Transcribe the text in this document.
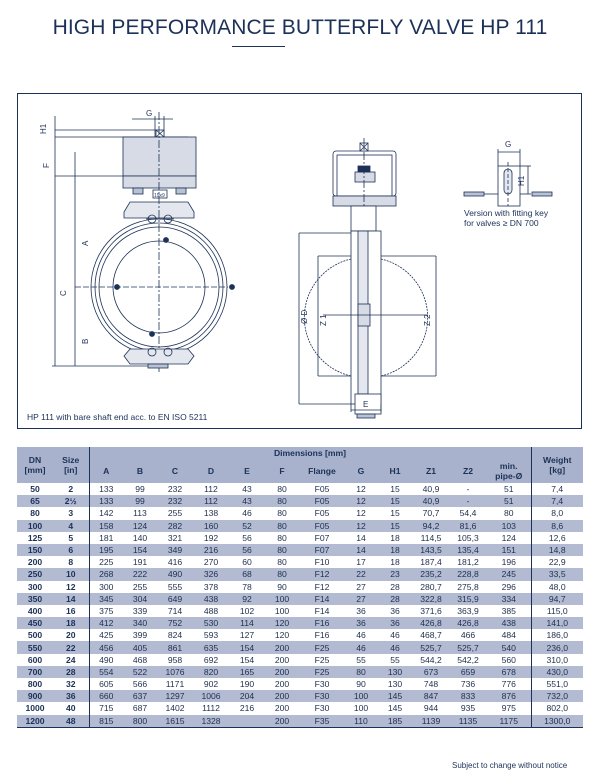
HIGH PERFORMANCE BUTTERFLY VALVE HP 111
19x9
H1
G
F
A
C
B
Ø D Z 1	Z 2
E
G
H1
HP 111 with bare shaft end acc. to EN ISO 5211
Version with fitting key
for valves ≥ DN 700
DN
[mm]

Size
[in]
	Dimensions [mm]	
Weight
[kg]

		A	B	C	D	E	F	Flange	G	H1	Z1	Z2	min.
pipe-Ø	

50	2	133	99	232	112	43	80	F05	12	15	40,9	-	51	7,4
65	2½	133	99	232	112	43	80	F05	12	15	40,9	-	51	7,4
80	3	142	113	255	138	46	80	F05	12	15	70,7	54,4	80	8,0
100	4	158	124	282	160	52	80	F05	12	15	94,2	81,6	103	8,6
125	5	181	140	321	192	56	80	F07	14	18	114,5	105,3	124	12,6
150	6	195	154	349	216	56	80	F07	14	18	143,5	135,4	151	14,8
200	8	225	191	416	270	60	80	F10	17	18	187,4	181,2	196	22,9
250	10	268	222	490	326	68	80	F12	22	23	235,2	228,8	245	33,5
300	12	300	255	555	378	78	90	F12	27	28	280,7	275,8	296	48,0
350	14	345	304	649	438	92	100	F14	27	28	322,8	315,9	334	94,7
400	16	375	339	714	488	102	100	F14	36	36	371,6	363,9	385	115,0
450	18	412	340	752	530	114	120	F16	36	36	426,8	426,8	438	141,0
500	20	425	399	824	593	127	120	F16	46	46	468,7	466	484	186,0
550	22	456	405	861	635	154	200	F25	46	46	525,7	525,7	540	236,0
600	24	490	468	958	692	154	200	F25	55	55	544,2	542,2	560	310,0
700	28	554	522	1076	820	165	200	F25	80	130	673	659	678	430,0
800	32	605	566	1171	902	190	200	F30	90	130	748	736	776	551,0
900	36	660	637	1297	1006	204	200	F30	100	145	847	833	876	732,0
1000	40	715	687	1402	1112	216	200	F30	100	145	944	935	975	802,0
1200	48	815	800	1615	1328		200	F35	110	185	1139	1135	1175	1300,0
Subject to change without notice
